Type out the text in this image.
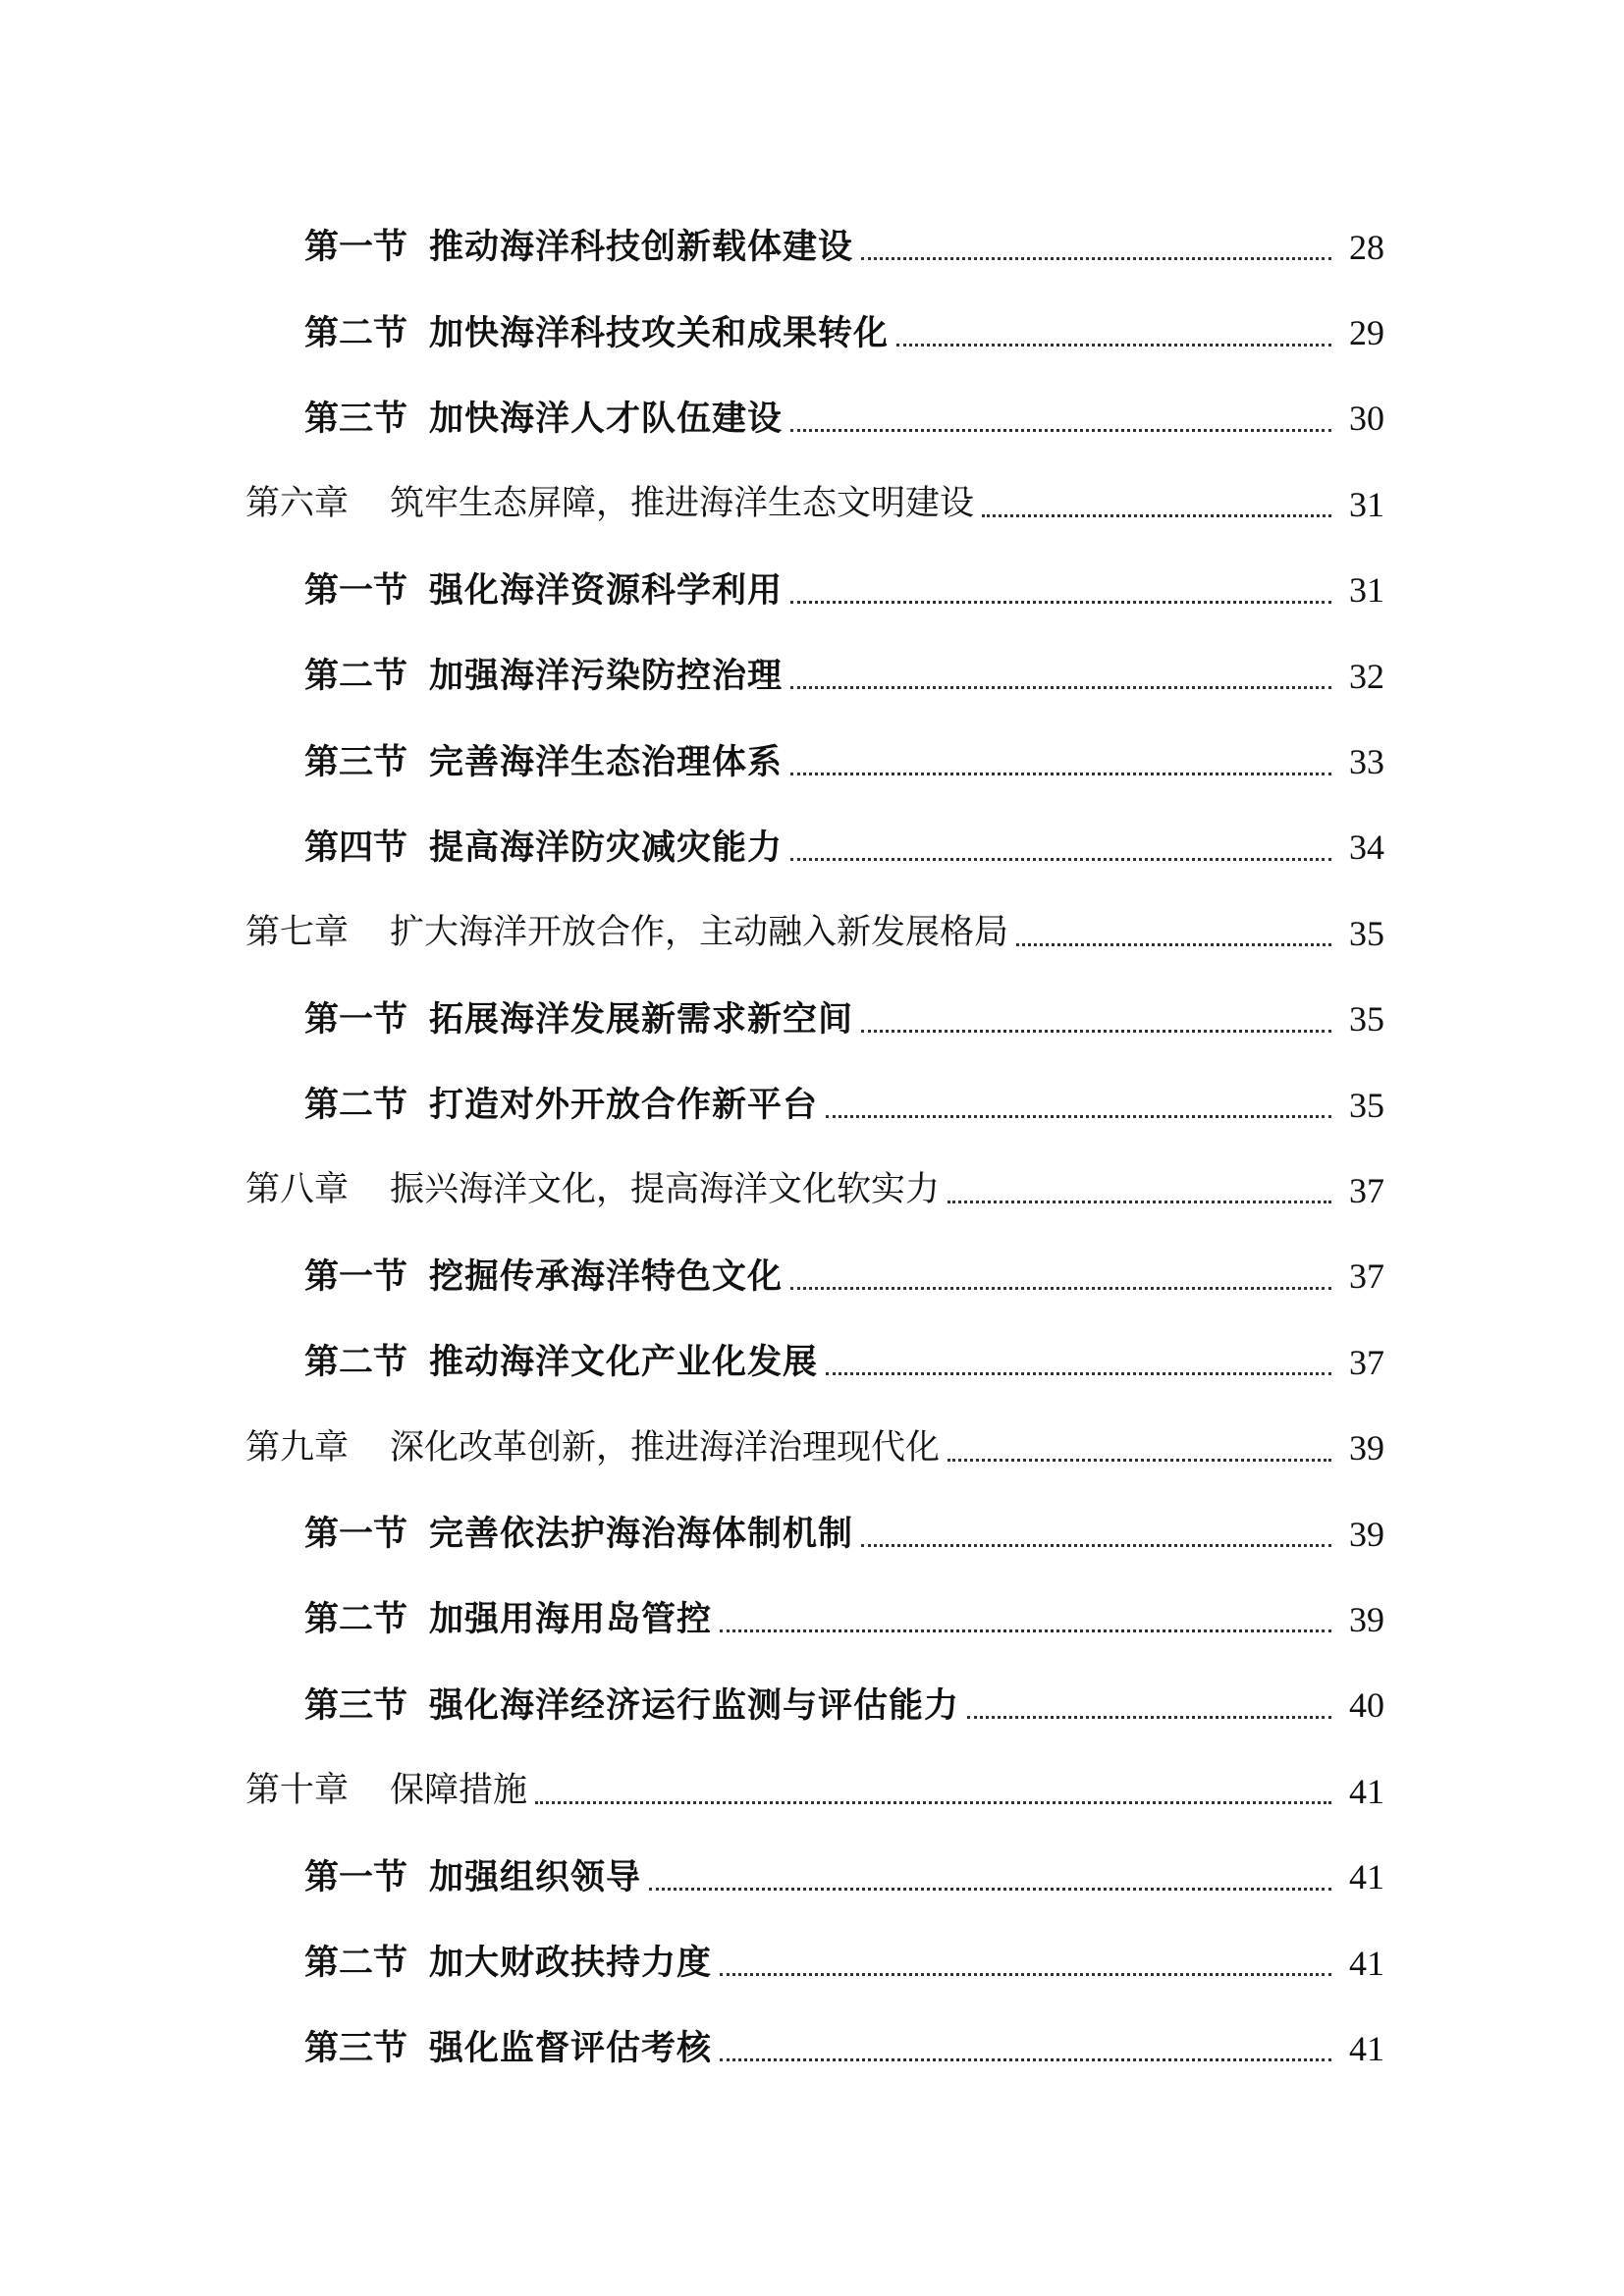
第一节 推动海洋科技创新载体建设	28
第二节 加快海洋科技攻关和成果转化	29
第三节 加快海洋人才队伍建设	30
第六章 筑牢生态屏障，推进海洋生态文明建设	31
第一节 强化海洋资源科学利用	31
第二节 加强海洋污染防控治理	32
第三节 完善海洋生态治理体系	33
第四节 提高海洋防灾减灾能力	34
第七章 扩大海洋开放合作，主动融入新发展格局	35
第一节 拓展海洋发展新需求新空间	35
第二节 打造对外开放合作新平台	35
第八章 振兴海洋文化，提高海洋文化软实力	37
第一节 挖掘传承海洋特色文化	37
第二节 推动海洋文化产业化发展	37
第九章 深化改革创新，推进海洋治理现代化	39
第一节 完善依法护海治海体制机制	39
第二节 加强用海用岛管控	39
第三节 强化海洋经济运行监测与评估能力	40
第十章 保障措施	41
第一节 加强组织领导	41
第二节 加大财政扶持力度	41
第三节 强化监督评估考核	41
